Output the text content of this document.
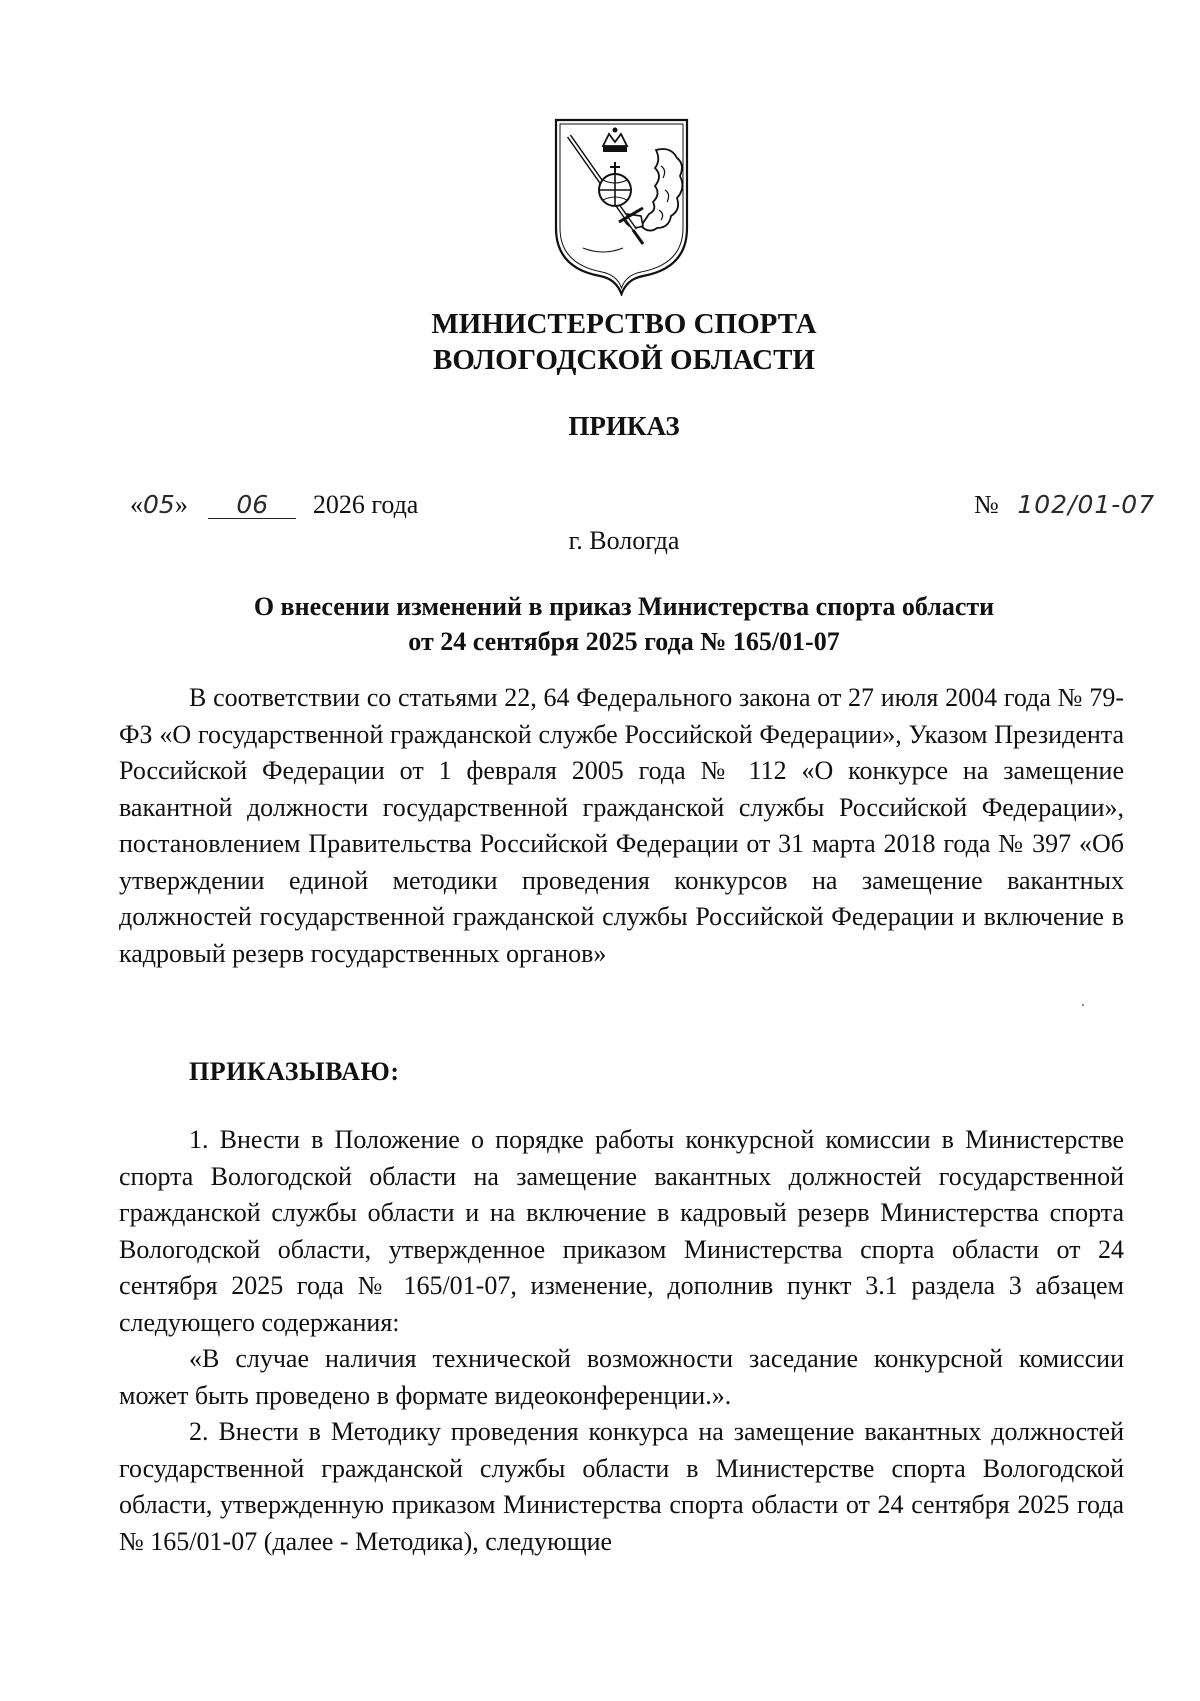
МИНИСТЕРСТВО СПОРТА
ВОЛОГОДСКОЙ ОБЛАСТИ
ПРИКАЗ
«05» 06 2026 года	№ 102/01-07
г. Вологда
О внесении изменений в приказ Министерства спорта области
от 24 сентября 2025 года № 165/01-07

В соответствии со статьями 22, 64 Федерального закона от 27 июля 2004 года № 79-ФЗ «О государственной гражданской службе Российской Федерации», Указом Президента Российской Федерации от 1 февраля 2005 года № 112 «О конкурсе на замещение вакантной должности государственной гражданской службы Российской Федерации», постановлением Правительства Российской Федерации от 31 марта 2018 года № 397 «Об утверждении единой методики проведения конкурсов на замещение вакантных должностей государственной гражданской службы Российской Федерации и включение в кадровый резерв государственных органов»

ПРИКАЗЫВАЮ:

1. Внести в Положение о порядке работы конкурсной комиссии в Министерстве спорта Вологодской области на замещение вакантных должностей государственной гражданской службы области и на включение в кадровый резерв Министерства спорта Вологодской области, утвержденное приказом Министерства спорта области от 24 сентября 2025 года № 165/01-07, изменение, дополнив пункт 3.1 раздела 3 абзацем следующего содержания:

«В случае наличия технической возможности заседание конкурсной комиссии может быть проведено в формате видеоконференции.».

2. Внести в Методику проведения конкурса на замещение вакантных должностей государственной гражданской службы области в Министерстве спорта Вологодской области, утвержденную приказом Министерства спорта области от 24 сентября 2025 года № 165/01-07 (далее - Методика), следующие
